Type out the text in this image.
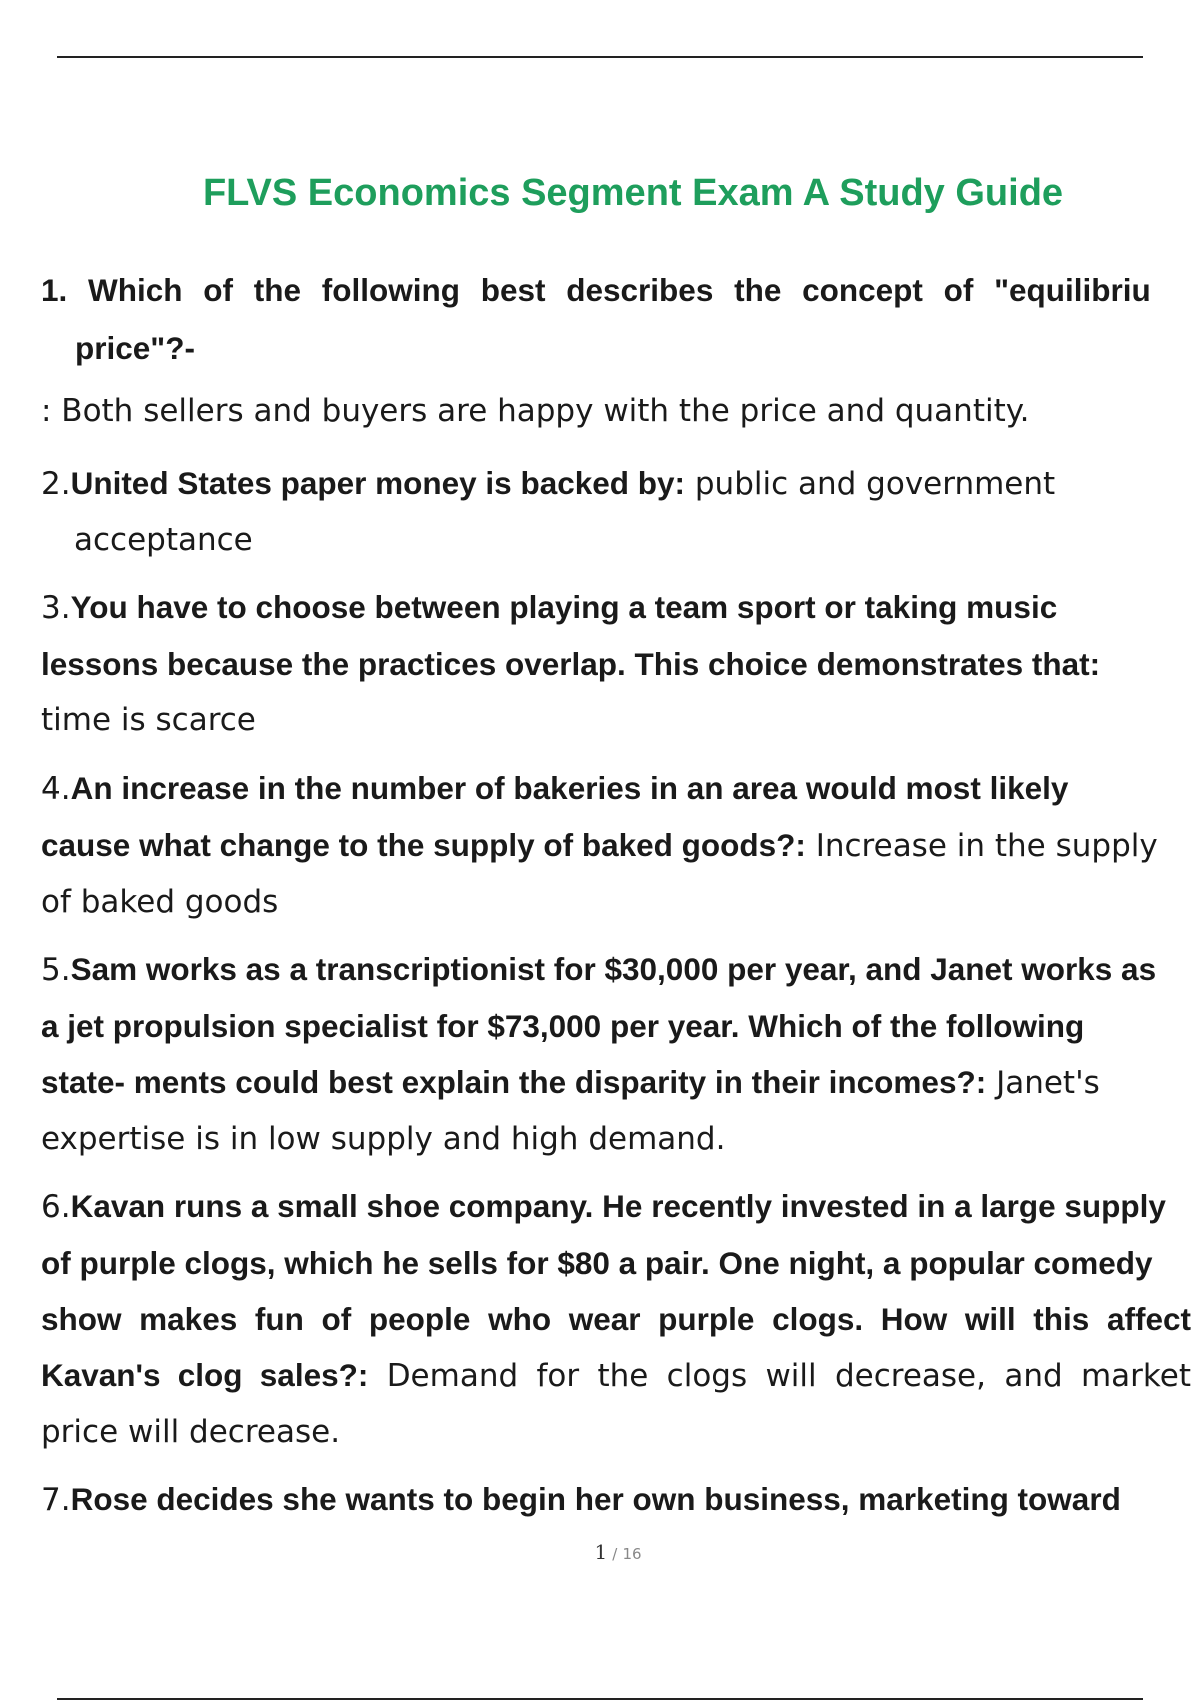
FLVS Economics Segment Exam A Study Guide
1. Which of the following best describes the concept of "equilibriu
price"?-
: Both sellers and buyers are happy with the price and quantity.
2.United States paper money is backed by: public and government
acceptance
3.You have to choose between playing a team sport or taking music
lessons because the practices overlap. This choice demonstrates that:
time is scarce
4.An increase in the number of bakeries in an area would most likely
cause what change to the supply of baked goods?: Increase in the supply
of baked goods
5.Sam works as a transcriptionist for $30,000 per year, and Janet works as
a jet propulsion specialist for $73,000 per year. Which of the following
state- ments could best explain the disparity in their incomes?: Janet's
expertise is in low supply and high demand.
6.Kavan runs a small shoe company. He recently invested in a large supply
of purple clogs, which he sells for $80 a pair. One night, a popular comedy
show makes fun of people who wear purple clogs. How will this affect
Kavan's clog sales?: Demand for the clogs will decrease, and market
price will decrease.
7.Rose decides she wants to begin her own business, marketing toward
1 / 16
